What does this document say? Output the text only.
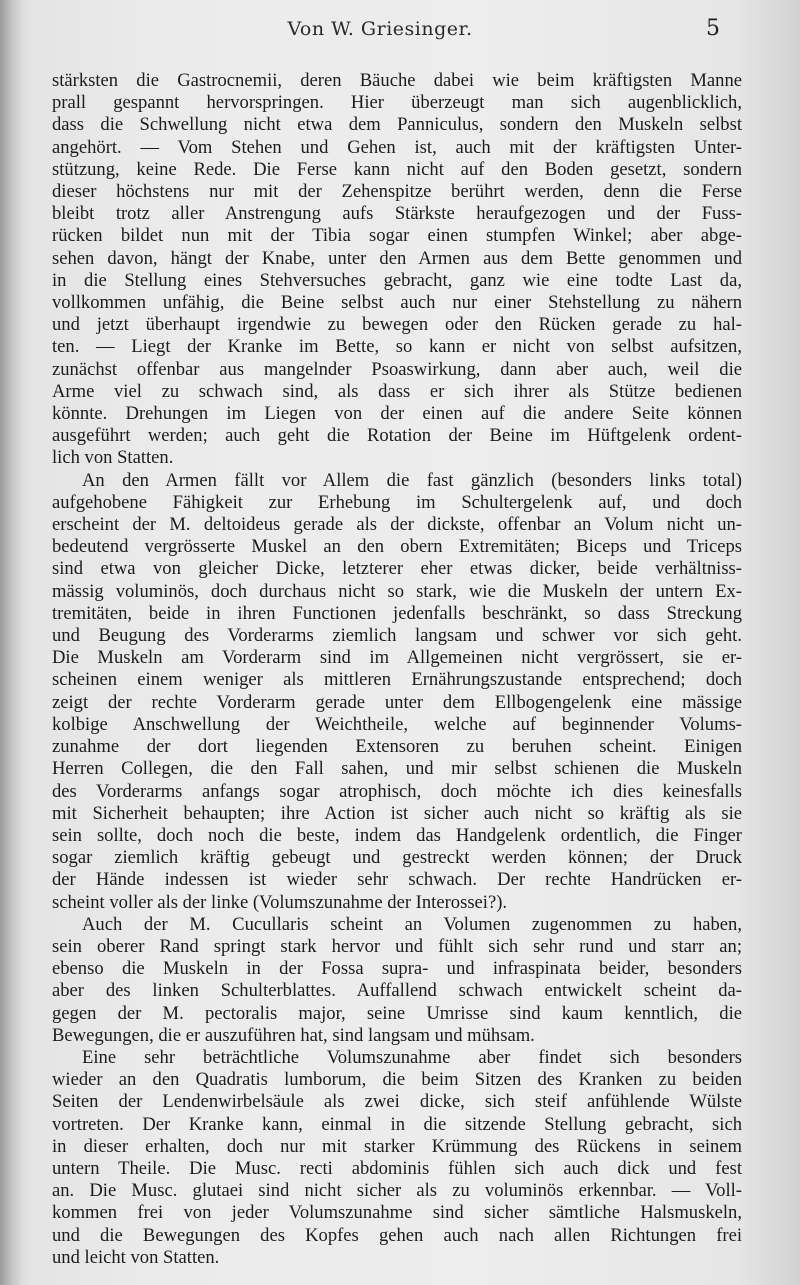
Von W. Griesinger.	5
stärksten die Gastrocnemii, deren Bäuche dabei wie beim kräftigsten Manne
prall gespannt hervorspringen. Hier überzeugt man sich augenblicklich,
dass die Schwellung nicht etwa dem Panniculus, sondern den Muskeln selbst
angehört. — Vom Stehen und Gehen ist, auch mit der kräftigsten Unter-
stützung, keine Rede. Die Ferse kann nicht auf den Boden gesetzt, sondern
dieser höchstens nur mit der Zehenspitze berührt werden, denn die Ferse
bleibt trotz aller Anstrengung aufs Stärkste heraufgezogen und der Fuss-
rücken bildet nun mit der Tibia sogar einen stumpfen Winkel; aber abge-
sehen davon, hängt der Knabe, unter den Armen aus dem Bette genommen und
in die Stellung eines Stehversuches gebracht, ganz wie eine todte Last da,
vollkommen unfähig, die Beine selbst auch nur einer Stehstellung zu nähern
und jetzt überhaupt irgendwie zu bewegen oder den Rücken gerade zu hal-
ten. — Liegt der Kranke im Bette, so kann er nicht von selbst aufsitzen,
zunächst offenbar aus mangelnder Psoaswirkung, dann aber auch, weil die
Arme viel zu schwach sind, als dass er sich ihrer als Stütze bedienen
könnte. Drehungen im Liegen von der einen auf die andere Seite können
ausgeführt werden; auch geht die Rotation der Beine im Hüftgelenk ordent-
lich von Statten.
An den Armen fällt vor Allem die fast gänzlich (besonders links total)
aufgehobene Fähigkeit zur Erhebung im Schultergelenk auf, und doch
erscheint der M. deltoideus gerade als der dickste, offenbar an Volum nicht un-
bedeutend vergrösserte Muskel an den obern Extremitäten; Biceps und Triceps
sind etwa von gleicher Dicke, letzterer eher etwas dicker, beide verhältniss-
mässig voluminös, doch durchaus nicht so stark, wie die Muskeln der untern Ex-
tremitäten, beide in ihren Functionen jedenfalls beschränkt, so dass Streckung
und Beugung des Vorderarms ziemlich langsam und schwer vor sich geht.
Die Muskeln am Vorderarm sind im Allgemeinen nicht vergrössert, sie er-
scheinen einem weniger als mittleren Ernährungszustande entsprechend; doch
zeigt der rechte Vorderarm gerade unter dem Ellbogengelenk eine mässige
kolbige Anschwellung der Weichtheile, welche auf beginnender Volums-
zunahme der dort liegenden Extensoren zu beruhen scheint. Einigen
Herren Collegen, die den Fall sahen, und mir selbst schienen die Muskeln
des Vorderarms anfangs sogar atrophisch, doch möchte ich dies keinesfalls
mit Sicherheit behaupten; ihre Action ist sicher auch nicht so kräftig als sie
sein sollte, doch noch die beste, indem das Handgelenk ordentlich, die Finger
sogar ziemlich kräftig gebeugt und gestreckt werden können; der Druck
der Hände indessen ist wieder sehr schwach. Der rechte Handrücken er-
scheint voller als der linke (Volumszunahme der Interossei?).
Auch der M. Cucullaris scheint an Volumen zugenommen zu haben,
sein oberer Rand springt stark hervor und fühlt sich sehr rund und starr an;
ebenso die Muskeln in der Fossa supra- und infraspinata beider, besonders
aber des linken Schulterblattes. Auffallend schwach entwickelt scheint da-
gegen der M. pectoralis major, seine Umrisse sind kaum kenntlich, die
Bewegungen, die er auszuführen hat, sind langsam und mühsam.
Eine sehr beträchtliche Volumszunahme aber findet sich besonders
wieder an den Quadratis lumborum, die beim Sitzen des Kranken zu beiden
Seiten der Lendenwirbelsäule als zwei dicke, sich steif anfühlende Wülste
vortreten. Der Kranke kann, einmal in die sitzende Stellung gebracht, sich
in dieser erhalten, doch nur mit starker Krümmung des Rückens in seinem
untern Theile. Die Musc. recti abdominis fühlen sich auch dick und fest
an. Die Musc. glutaei sind nicht sicher als zu voluminös erkennbar. — Voll-
kommen frei von jeder Volumszunahme sind sicher sämtliche Halsmuskeln,
und die Bewegungen des Kopfes gehen auch nach allen Richtungen frei
und leicht von Statten.
